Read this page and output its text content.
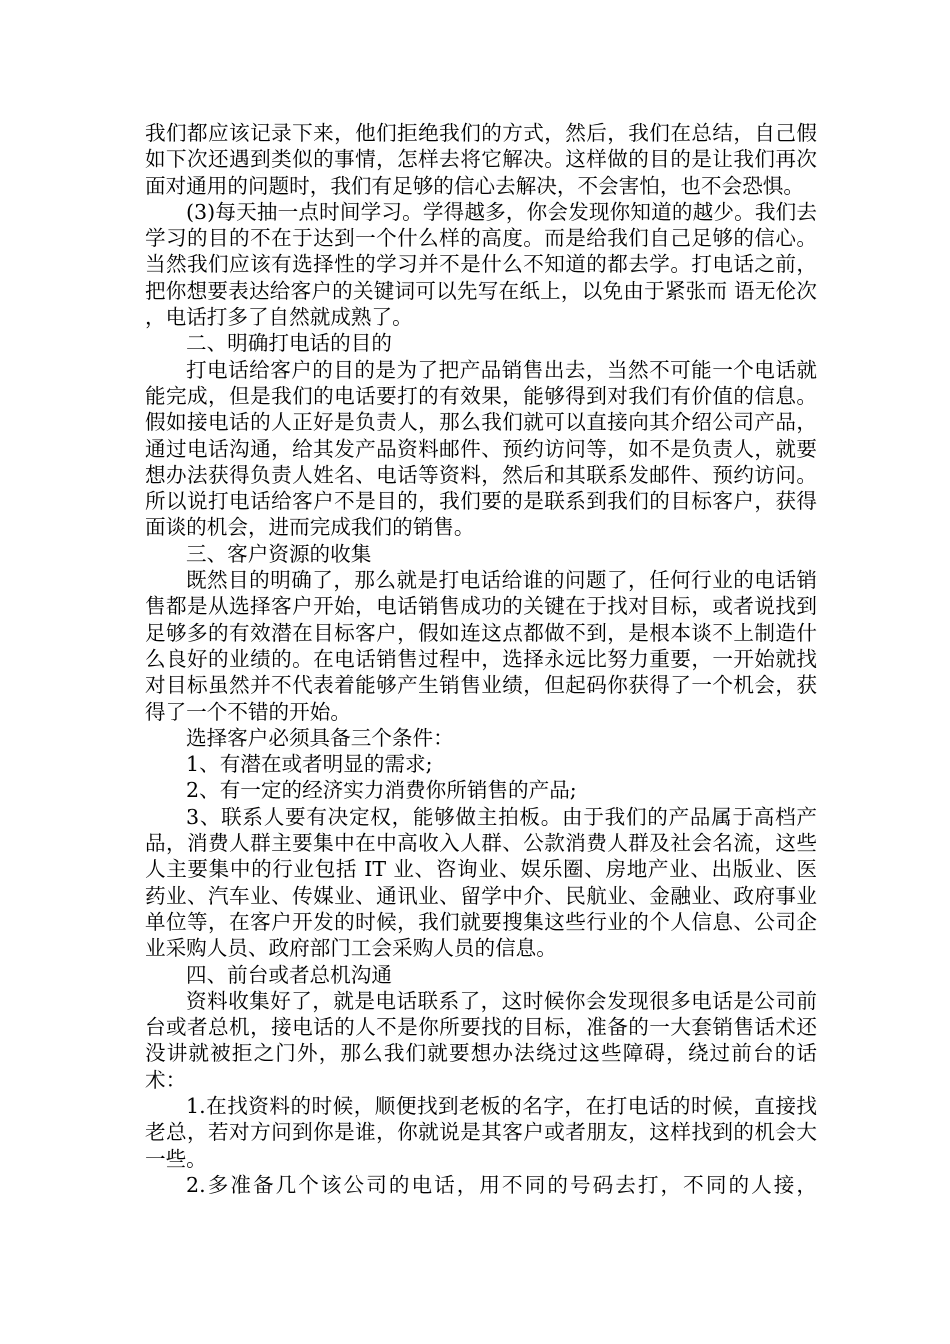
我们都应该记录下来，他们拒绝我们的方式，然后，我们在总结，自己假如下次还遇到类似的事情，怎样去将它解决。这样做的目的是让我们再次面对通用的问题时，我们有足够的信心去解决，不会害怕，也不会恐惧。

(3)每天抽一点时间学习。学得越多，你会发现你知道的越少。我们去学习的目的不在于达到一个什么样的高度。而是给我们自己足够的信心。当然我们应该有选择性的学习并不是什么不知道的都去学。打电话之前，把你想要表达给客户的关键词可以先写在纸上，以免由于紧张而 语无伦次 ，电话打多了自然就成熟了。

二、明确打电话的目的

打电话给客户的目的是为了把产品销售出去，当然不可能一个电话就能完成，但是我们的电话要打的有效果，能够得到对我们有价值的信息。假如接电话的人正好是负责人，那么我们就可以直接向其介绍公司产品，通过电话沟通，给其发产品资料邮件、预约访问等，如不是负责人，就要想办法获得负责人姓名、电话等资料，然后和其联系发邮件、预约访问。所以说打电话给客户不是目的，我们要的是联系到我们的目标客户，获得面谈的机会，进而完成我们的销售。

三、客户资源的收集

既然目的明确了，那么就是打电话给谁的问题了，任何行业的电话销售都是从选择客户开始，电话销售成功的关键在于找对目标，或者说找到足够多的有效潜在目标客户，假如连这点都做不到，是根本谈不上制造什么良好的业绩的。在电话销售过程中，选择永远比努力重要，一开始就找对目标虽然并不代表着能够产生销售业绩，但起码你获得了一个机会，获得了一个不错的开始。

选择客户必须具备三个条件：

1、有潜在或者明显的需求;

2、有一定的经济实力消费你所销售的产品;

3、联系人要有决定权，能够做主拍板。由于我们的产品属于高档产品，消费人群主要集中在中高收入人群、公款消费人群及社会名流，这些人主要集中的行业包括 IT 业、咨询业、娱乐圈、房地产业、出版业、医药业、汽车业、传媒业、通讯业、留学中介、民航业、金融业、政府事业单位等，在客户开发的时候，我们就要搜集这些行业的个人信息、公司企业采购人员、政府部门工会采购人员的信息。

四、前台或者总机沟通

资料收集好了，就是电话联系了，这时候你会发现很多电话是公司前台或者总机，接电话的人不是你所要找的目标，准备的一大套销售话术还没讲就被拒之门外，那么我们就要想办法绕过这些障碍，绕过前台的话术：

1.在找资料的时候，顺便找到老板的名字，在打电话的时候，直接找老总，若对方问到你是谁，你就说是其客户或者朋友，这样找到的机会大一些。

2.多准备几个该公司的电话，用不同的号码去打，不同的人接，
